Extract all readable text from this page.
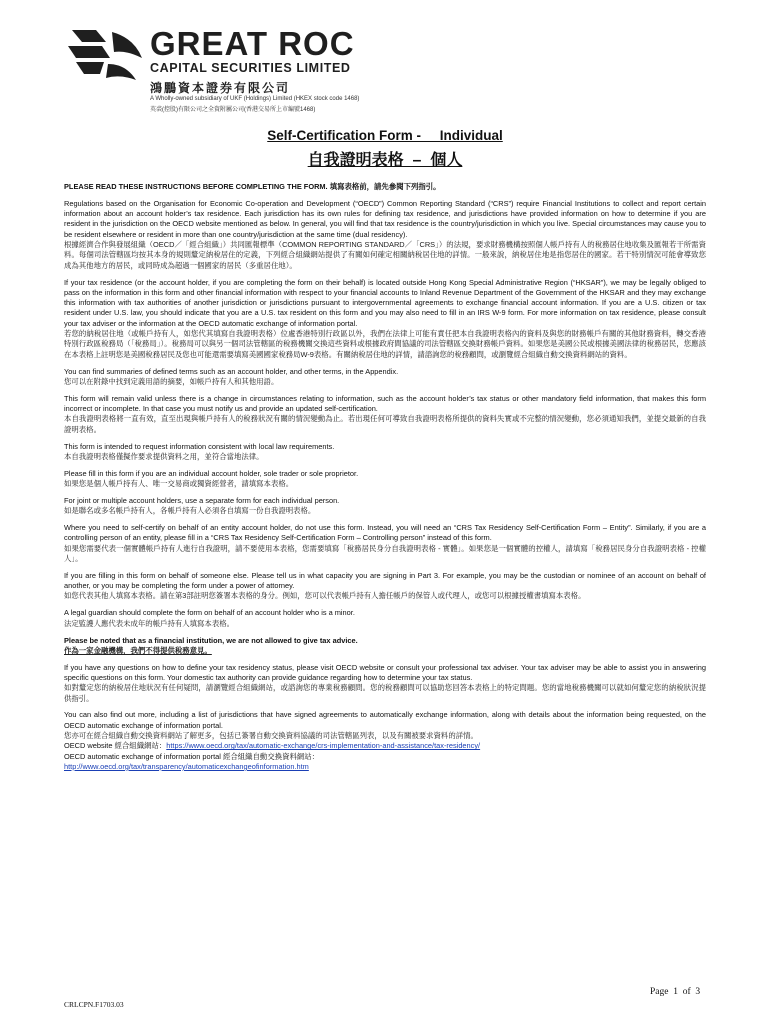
GREAT ROC
CAPITAL SECURITIES LIMITED
鴻鵬資本證券有限公司
A Wholly-owned subsidiary of UKF (Holdings) Limited (HKEX stock code 1468)
英裘(控股)有限公司之全資附屬公司(香港交易所上市編號1468)
Self-Certification Form -     Individual
自我證明表格  –  個人

PLEASE READ THESE INSTRUCTIONS BEFORE COMPLETING THE FORM. 填寫表格前，請先參閱下列指引。

Regulations based on the Organisation for Economic Co-operation and Development (“OECD”) Common Reporting Standard (“CRS”) require Financial Institutions to collect and report certain information about an account holder’s tax residence. Each jurisdiction has its own rules for defining tax residence, and jurisdictions have provided information on how to determine if you are resident in the jurisdiction on the OECD website mentioned as below. In general, you will find that tax residence is the country/jurisdiction in which you live. Special circumstances may cause you to be resident elsewhere or resident in more than one country/jurisdiction at the same time (dual residency).

根據經濟合作與發展組織（OECD／「經合組織」）共同匯報標準（COMMON REPORTING STANDARD／「CRS」）的法規，要求財務機構按照個人帳戶持有人的稅務居住地收集及匯報若干所需資料。每個司法管轄區均按其本身的規則釐定納稅居住的定義，下列經合組織網站提供了有關如何確定相關納稅居住地的詳情。一般來說，納稅居住地是指您居住的國家。若干特別情況可能會導致您成為其他地方的居民，或同時成為超過一個國家的居民（多重居住地）。

If your tax residence (or the account holder, if you are completing the form on their behalf) is located outside Hong Kong Special Administrative Region (“HKSAR”), we may be legally obliged to pass on the information in this form and other financial information with respect to your financial accounts to Inland Revenue Department of the Government of the HKSAR and they may exchange this information with tax authorities of another jurisdiction or jurisdictions pursuant to intergovernmental agreements to exchange financial account information. If you are a U.S. citizen or tax resident under U.S. law, you should indicate that you are a U.S. tax resident on this form and you may also need to fill in an IRS W-9 form. For more information on tax residence, please consult your tax adviser or the information at the OECD automatic exchange of information portal.

若您的納稅居住地（或帳戶持有人，如您代其填寫自我證明表格）位處香港特別行政區以外，我們在法律上可能有責任把本自我證明表格內的資料及與您的財務帳戶有關的其他財務資料，轉交香港特別行政區稅務局（「稅務局」）。稅務局可以與另一個司法管轄區的稅務機關交換這些資料或根據政府間協議的司法管轄區交換財務帳戶資料。如果您是美國公民或根據美國法律的稅務居民，您應該在本表格上註明您是美國稅務居民及您也可能還需要填寫美國國家稅務局W-9表格。有關納稅居住地的詳情，請諮詢您的稅務顧問，或瀏覽經合組織自動交換資料網站的資料。

You can find summaries of defined terms such as an account holder, and other terms, in the Appendix.

您可以在附錄中找到定義用語的摘要，如帳戶持有人和其他用語。

This form will remain valid unless there is a change in circumstances relating to information, such as the account holder’s tax status or other mandatory field information, that makes this form incorrect or incomplete. In that case you must notify us and provide an updated self-certification.

本自我證明表格將一直有效，直至出現與帳戶持有人的稅務狀況有關的情況變動為止。若出現任何可導致自我證明表格所提供的資料失實或不完整的情況變動，您必須通知我們，並提交最新的自我證明表格。

This form is intended to request information consistent with local law requirements.

本自我證明表格僅擬作要求提供資料之用，並符合當地法律。

Please fill in this form if you are an individual account holder, sole trader or sole proprietor.

如果您是個人帳戶持有人、唯一交易商或獨資經營者，請填寫本表格。

For joint or multiple account holders, use a separate form for each individual person.

如是聯名或多名帳戶持有人，各帳戶持有人必須各自填寫一份自我證明表格。

Where you need to self-certify on behalf of an entity account holder, do not use this form. Instead, you will need an “CRS Tax Residency Self-Certification Form – Entity”. Similarly, if you are a controlling person of an entity, please fill in a “CRS Tax Residency Self-Certification Form – Controlling person” instead of this form.

如果您需要代表一個實體帳戶持有人進行自我證明，請不要使用本表格，您需要填寫「稅務居民身分自我證明表格 - 實體」。如果您是一個實體的控權人，請填寫「稅務居民身分自我證明表格 - 控權人」。

If you are filling in this form on behalf of someone else. Please tell us in what capacity you are signing in Part 3. For example, you may be the custodian or nominee of an account on behalf of another, or you may be completing the form under a power of attorney.

如您代表其他人填寫本表格。請在第3部註明您簽署本表格的身分。例如，您可以代表帳戶持有人擔任帳戶的保管人或代理人，或您可以根據授權書填寫本表格。

A legal guardian should complete the form on behalf of an account holder who is a minor.

法定監護人應代表未成年的帳戶持有人填寫本表格。

Please be noted that as a financial institution, we are not allowed to give tax advice.

作為一家金融機構，我們不得提供稅務意見。

If you have any questions on how to define your tax residency status, please visit OECD website or consult your professional tax adviser. Your tax adviser may be able to assist you in answering specific questions on this form. Your domestic tax authority can provide guidance regarding how to determine your tax status.

如對釐定您的納稅居住地狀況有任何疑問，請瀏覽經合組織網站，或諮詢您的專業稅務顧問。您的稅務顧問可以協助您回答本表格上的特定問題。您的當地稅務機關可以就如何釐定您的納稅狀況提供指引。

You can also find out more, including a list of jurisdictions that have signed agreements to automatically exchange information, along with details about the information being requested, on the OECD automatic exchange of information portal.

您亦可在經合組織自動交換資料網站了解更多，包括已簽署自動交換資料協議的司法管轄區列表，以及有關被要求資料的詳情。

OECD website 經合組織網站：https://www.oecd.org/tax/automatic-exchange/crs-implementation-and-assistance/tax-residency/

OECD automatic exchange of information portal 經合組織自動交換資料網站：

http://www.oecd.org/tax/transparency/automaticexchangeofinformation.htm

Page  1  of  3
CRLCPN.F1703.03
